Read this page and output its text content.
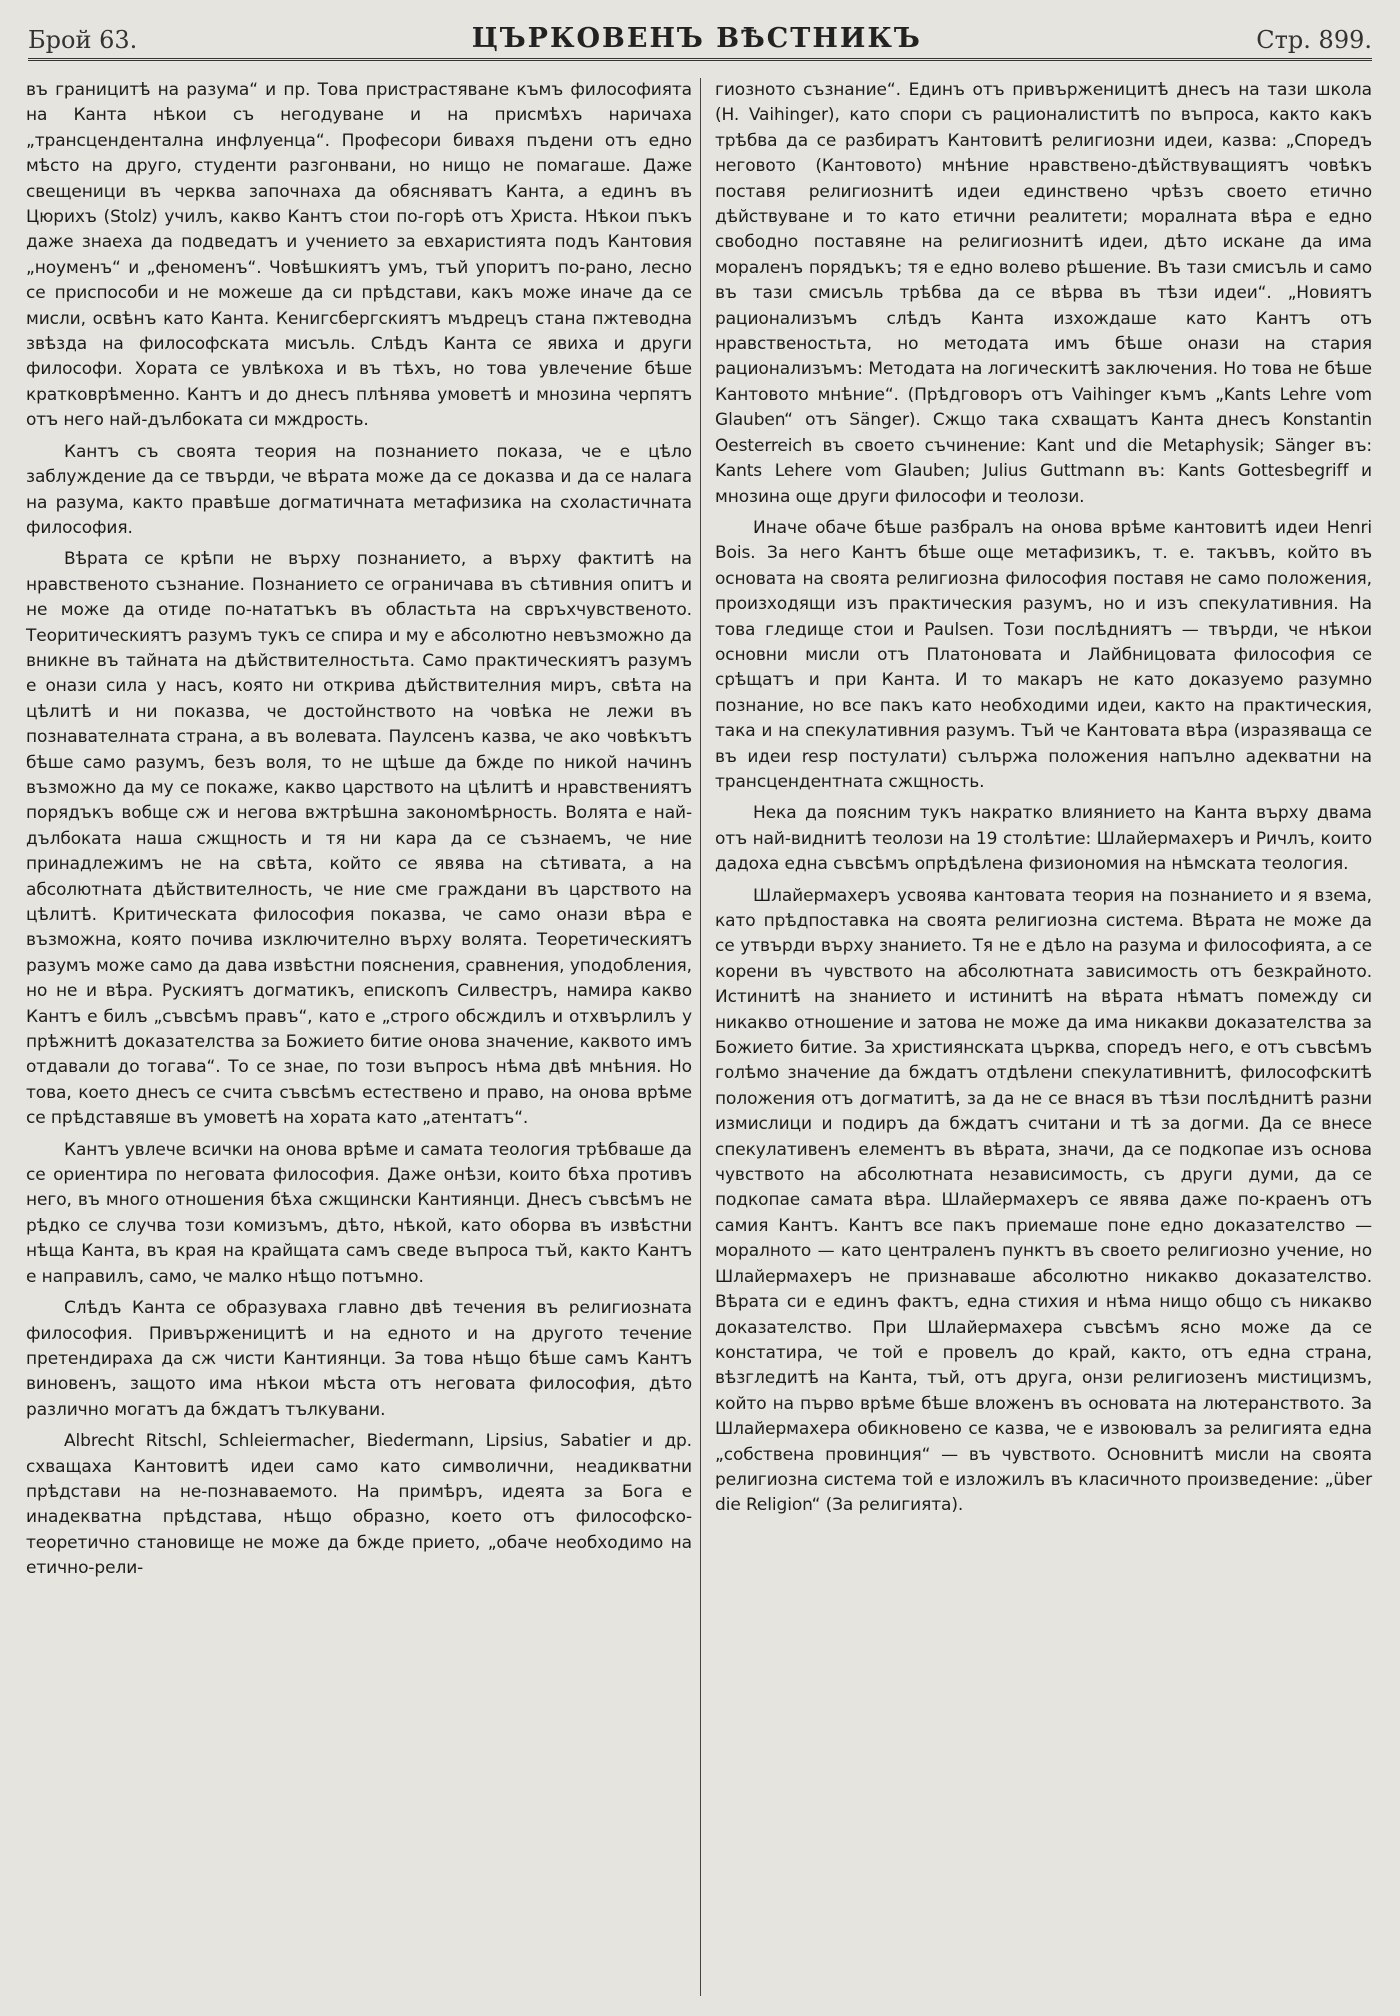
Брой 63.	ЦЪРКОВЕНЪ ВѢСТНИКЪ	Стр. 899.

въ границитѣ на разума“ и пр. Това пристрастяване къмъ философията на Канта нѣкои съ негодуване и на присмѣхъ наричаха „трансцендентална инфлуенца“. Професори бивахя пъдени отъ едно мѣсто на друго, студенти разгонвани, но нищо не помагаше. Даже свещеници въ черква започнаха да обясняватъ Канта, а единъ въ Цюрихъ (Stolz) училъ, какво Кантъ стои по-горѣ отъ Христа. Нѣкои пъкъ даже знаеха да подведатъ и учението за евхаристията подъ Кантовия „ноуменъ“ и „феноменъ“. Човѣшкиятъ умъ, тъй упоритъ по-рано, лесно се приспособи и не можеше да си прѣдстави, какъ може иначе да се мисли, освѣнъ като Канта. Кенигсбергскиятъ мъдрецъ стана пжтеводна звѣзда на философската мисъль. Слѣдъ Канта се явиха и други философи. Хората се увлѣкоха и въ тѣхъ, но това увлечение бѣше кратковрѣменно. Кантъ и до днесъ плѣнява умоветѣ и мнозина черпятъ отъ него най-дълбоката си мждрость.

Кантъ съ своята теория на познанието показа, че е цѣло заблуждение да се твърди, че вѣрата може да се доказва и да се налага на разума, както правѣше догматичната метафизика на схоластичната философия.

Вѣрата се крѣпи не върху познанието, а върху фактитѣ на нравственото съзнание. Познанието се ограничава въ сѣтивния опитъ и не може да отиде по-нататъкъ въ областьта на свръхчувственото. Теоритическиятъ разумъ тукъ се спира и му е абсолютно невъзможно да вникне въ тайната на дѣйствителностьта. Само практическиятъ разумъ е онази сила у насъ, която ни открива дѣйствителния миръ, свѣта на цѣлитѣ и ни показва, че достойнството на човѣка не лежи въ познавателната страна, а въ волевата. Паулсенъ казва, че ако човѣкътъ бѣше само разумъ, безъ воля, то не щѣше да бжде по никой начинъ възможно да му се покаже, какво царството на цѣлитѣ и нравствениятъ порядъкъ вобще сж и негова вжтрѣшна закономѣрность. Волята е най-дълбоката наша сжщность и тя ни кара да се съзнаемъ, че ние принадлежимъ не на свѣта, който се явява на сѣтивата, а на абсолютната дѣйствителность, че ние сме граждани въ царството на цѣлитѣ. Критическата философия показва, че само онази вѣра е възможна, която почива изключително върху волята. Теоретическиятъ разумъ може само да дава извѣстни пояснения, сравнения, уподобления, но не и вѣра. Рускиятъ догматикъ, епископъ Силвестръ, намира какво Кантъ е билъ „съвсѣмъ правъ“, като е „строго обсждилъ и отхвърлилъ у прѣжнитѣ доказателства за Божието битие онова значение, каквото имъ отдавали до тогава“. То се знае, по този въпросъ нѣма двѣ мнѣния. Но това, което днесъ се счита съвсѣмъ естествено и право, на онова врѣме се прѣдставяше въ умоветѣ на хората като „атентатъ“.

Кантъ увлече всички на онова врѣме и самата теология трѣбваше да се ориентира по неговата философия. Даже онѣзи, които бѣха противъ него, въ много отношения бѣха сжщински Кантиянци. Днесъ съвсѣмъ не рѣдко се случва този комизъмъ, дѣто, нѣкой, като оборва въ извѣстни нѣща Канта, въ края на крайщата самъ сведе въпроса тъй, както Кантъ е направилъ, само, че малко нѣщо потъмно.

Слѣдъ Канта се образуваха главно двѣ течения въ религиозната философия. Привърженицитѣ и на едното и на другото течение претендираха да сж чисти Кантиянци. За това нѣщо бѣше самъ Кантъ виновенъ, защото има нѣкои мѣста отъ неговата философия, дѣто различно могатъ да бждатъ тълкувани.

Albrecht Ritschl, Schleiermacher, Biedermann, Lipsius, Sabatier и др. схващаха Кантовитѣ идеи само като символични, неадикватни прѣдстави на не-познаваемото. На примѣръ, идеята за Бога е инадекватна прѣдстава, нѣщо образно, което отъ философско- теоретично становище не може да бжде прието, „обаче необходимо на етично-рели-

гиозното съзнание“. Единъ отъ привърженицитѣ днесъ на тази школа (H. Vaihinger), като спори съ рационалиститѣ по въпроса, както какъ трѣбва да се разбиратъ Кантовитѣ религиозни идеи, казва: „Споредъ неговото (Кантовото) мнѣние нравствено-дѣйствуващиятъ човѣкъ поставя религиознитѣ идеи единствено чрѣзъ своето етично дѣйствуване и то като етични реалитети; моралната вѣра е едно свободно поставяне на религиознитѣ идеи, дѣто искане да има мораленъ порядъкъ; тя е едно волево рѣшение. Въ тази смисъль и само въ тази смисъль трѣбва да се вѣрва въ тѣзи идеи“. „Новиятъ рационализъмъ слѣдъ Канта изхождаше като Кантъ отъ нравственостьта, но методата имъ бѣше онази на стария рационализъмъ: Методата на логическитѣ заключения. Но това не бѣше Кантовото мнѣние“. (Прѣдговоръ отъ Vaihinger къмъ „Kants Lehre vom Glauben“ отъ Sänger). Сжщо така схващатъ Канта днесъ Konstantin Oesterreich въ своето съчинение: Kant und die Metaphysik; Sänger въ: Kants Lehere vom Glauben; Julius Guttmann въ: Kants Gottesbegriff и мнозина още други философи и теолози.

Иначе обаче бѣше разбралъ на онова врѣме кантовитѣ идеи Henri Bois. За него Кантъ бѣше още метафизикъ, т. е. такъвъ, който въ основата на своята религиозна философия поставя не само положения, произходящи изъ практическия разумъ, но и изъ спекулативния. На това гледище стои и Paulsen. Този послѣдниятъ — твърди, че нѣкои основни мисли отъ Платоновата и Лайбницовата философия се срѣщатъ и при Канта. И то макаръ не като доказуемо разумно познание, но все пакъ като необходими идеи, както на практическия, така и на спекулативния разумъ. Тъй че Кантовата вѣра (изразяваща се въ идеи resp постулати) сълържа положения напълно адекватни на трансцендентната сжщность.

Нека да поясним тукъ накратко влиянието на Канта върху двама отъ най-виднитѣ теолози на 19 столѣтие: Шлайермахеръ и Ричлъ, които дадоха една съвсѣмъ опрѣдѣлена физиономия на нѣмската теология.

Шлайермахеръ усвоява кантовата теория на познанието и я взема, като прѣдпоставка на своята религиозна система. Вѣрата не може да се утвърди върху знанието. Тя не е дѣло на разума и философията, а се корени въ чувството на абсолютната зависимость отъ безкрайното. Истинитѣ на знанието и истинитѣ на вѣрата нѣматъ помежду си никакво отношение и затова не може да има никакви доказателства за Божието битие. За християнската църква, споредъ него, е отъ съвсѣмъ голѣмо значение да бждатъ отдѣлени спекулативнитѣ, философскитѣ положения отъ догматитѣ, за да не се внася въ тѣзи послѣднитѣ разни измислици и подиръ да бждатъ считани и тѣ за догми. Да се внесе спекулативенъ елементъ въ вѣрата, значи, да се подкопае изъ основа чувството на абсолютната независимость, съ други думи, да се подкопае самата вѣра. Шлайермахеръ се явява даже по-краенъ отъ самия Кантъ. Кантъ все пакъ приемаше поне едно доказателство — моралното — като централенъ пунктъ въ своето религиозно учение, но Шлайермахеръ не признаваше абсолютно никакво доказателство. Вѣрата си е единъ фактъ, една стихия и нѣма нищо общо съ никакво доказателство. При Шлайермахера съвсѣмъ ясно може да се констатира, че той е провелъ до край, както, отъ една страна, вѣзгледитѣ на Канта, тъй, отъ друга, онзи религиозенъ мистицизмъ, който на първо врѣме бѣше вложенъ въ основата на лютеранството. За Шлайермахера обикновено се казва, че е извоювалъ за религията една „собствена провинция“ — въ чувството. Основнитѣ мисли на своята религиозна система той е изложилъ въ класичното произведение: „über die Religion“ (За религията).
